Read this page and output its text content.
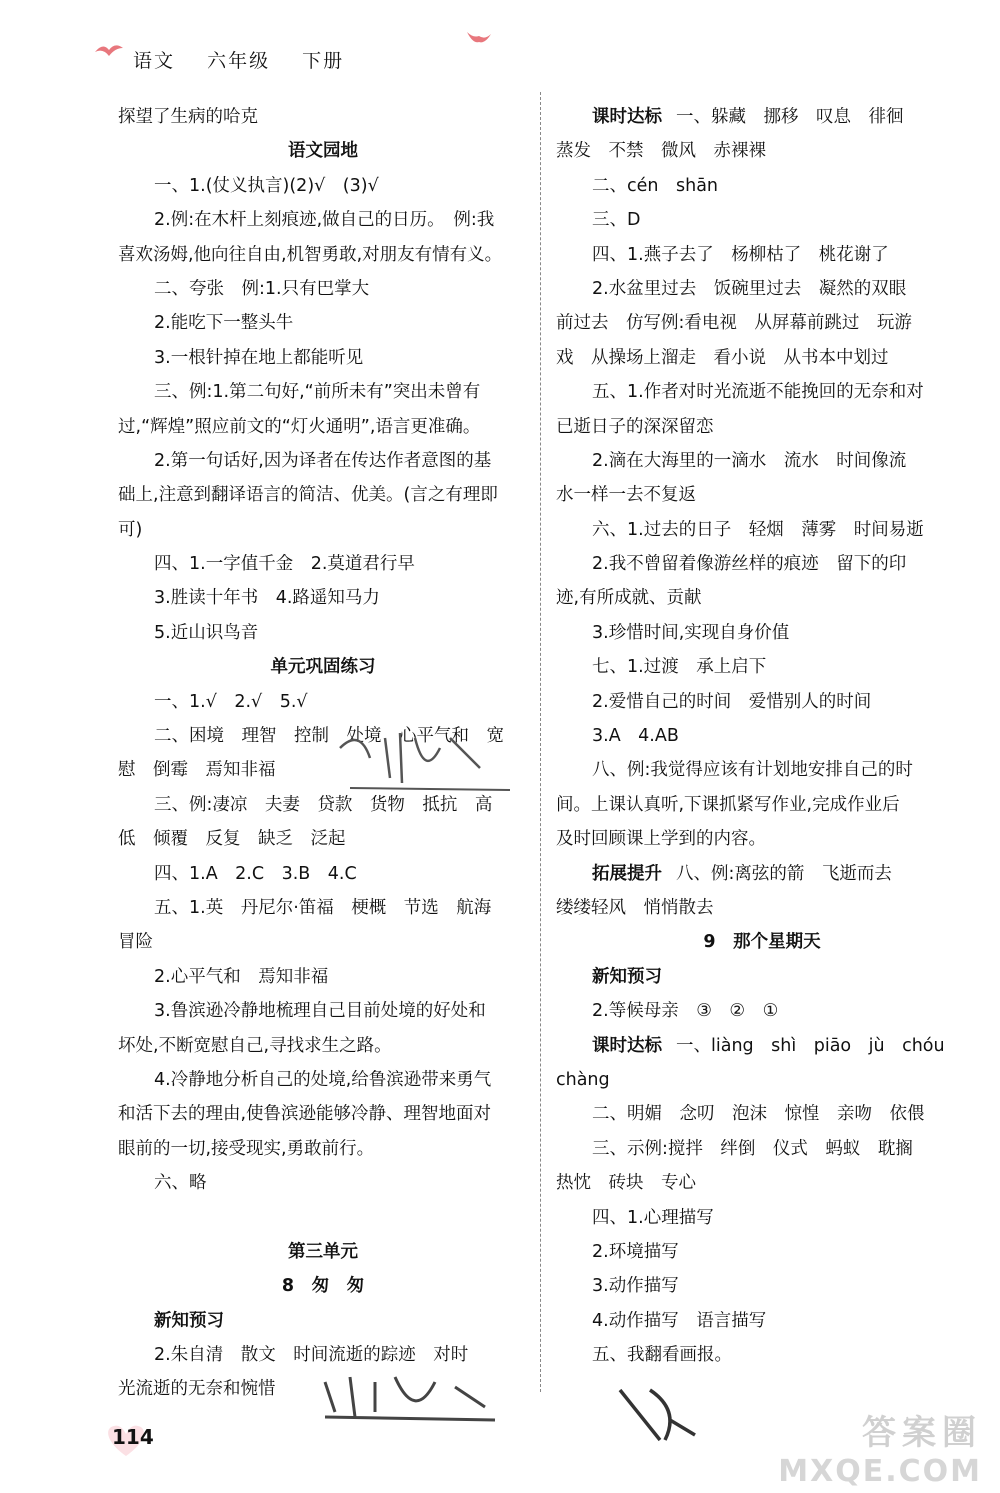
语文 六年级 下册
探望了生病的哈克
语文园地
一、1.(仗义执言)(2)√　(3)√
2.例:在木杆上刻痕迹,做自己的日历。　例:我
喜欢汤姆,他向往自由,机智勇敢,对朋友有情有义。
二、夸张　例:1.只有巴掌大
2.能吃下一整头牛
3.一根针掉在地上都能听见
三、例:1.第二句好,“前所未有”突出未曾有
过,“辉煌”照应前文的“灯火通明”,语言更准确。
2.第一句话好,因为译者在传达作者意图的基
础上,注意到翻译语言的简洁、优美。(言之有理即
可)
四、1.一字值千金　2.莫道君行早
3.胜读十年书　4.路遥知马力
5.近山识鸟音
单元巩固练习
一、1.√　2.√　5.√
二、困境　理智　控制　处境　心平气和　宽
慰　倒霉　焉知非福
三、例:凄凉　夫妻　贷款　货物　抵抗　高
低　倾覆　反复　缺乏　泛起
四、1.A　2.C　3.B　4.C
五、1.英　丹尼尔·笛福　梗概　节选　航海
冒险
2.心平气和　焉知非福
3.鲁滨逊冷静地梳理自己目前处境的好处和
坏处,不断宽慰自己,寻找求生之路。
4.冷静地分析自己的处境,给鲁滨逊带来勇气
和活下去的理由,使鲁滨逊能够冷静、理智地面对
眼前的一切,接受现实,勇敢前行。
六、略
第三单元
8　匆　匆
新知预习
2.朱自清　散文　时间流逝的踪迹　对时
光流逝的无奈和惋惜
课时达标 一、躲藏　挪移　叹息　徘徊
蒸发　不禁　微风　赤裸裸
二、cén　shān
三、D
四、1.燕子去了　杨柳枯了　桃花谢了
2.水盆里过去　饭碗里过去　凝然的双眼
前过去　仿写例:看电视　从屏幕前跳过　玩游
戏　从操场上溜走　看小说　从书本中划过
五、1.作者对时光流逝不能挽回的无奈和对
已逝日子的深深留恋
2.滴在大海里的一滴水　流水　时间像流
水一样一去不复返
六、1.过去的日子　轻烟　薄雾　时间易逝
2.我不曾留着像游丝样的痕迹　留下的印
迹,有所成就、贡献
3.珍惜时间,实现自身价值
七、1.过渡　承上启下
2.爱惜自己的时间　爱惜别人的时间
3.A　4.AB
八、例:我觉得应该有计划地安排自己的时
间。上课认真听,下课抓紧写作业,完成作业后
及时回顾课上学到的内容。
拓展提升 八、例:离弦的箭　飞逝而去
缕缕轻风　悄悄散去
9　那个星期天
新知预习
2.等候母亲　③　②　①
课时达标 一、liàng　shì　piāo　jù　chóu
chàng
二、明媚　念叨　泡沫　惊惶　亲吻　依偎
三、示例:搅拌　绊倒　仪式　蚂蚁　耽搁
热忱　砖块　专心
四、1.心理描写
2.环境描写
3.动作描写
4.动作描写　语言描写
五、我翻看画报。
114	答案圈
MXQE.COM
